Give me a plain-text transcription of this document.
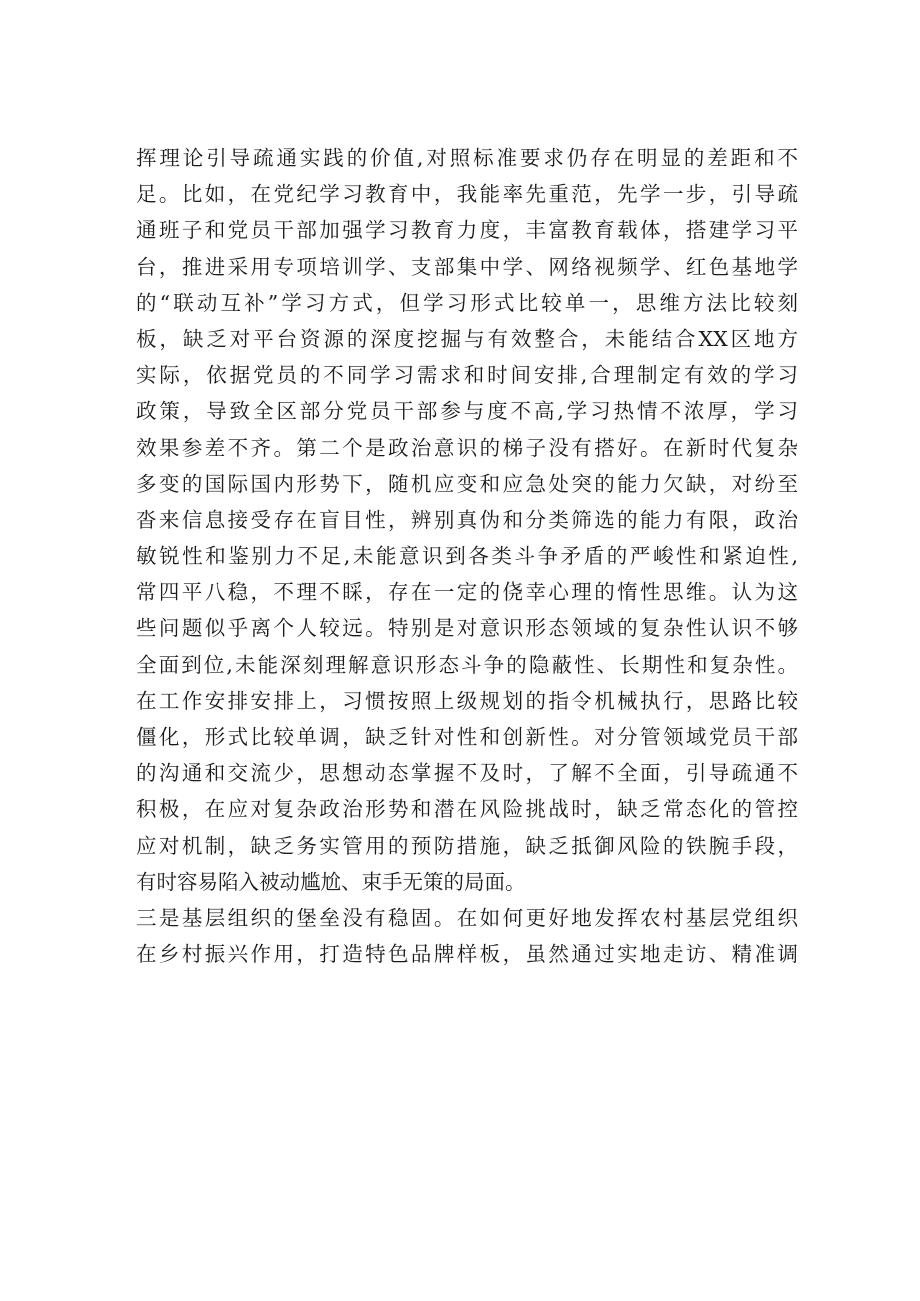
挥理论引导疏通实践的价值,对照标准要求仍存在明显的差距和不
足。比如，在党纪学习教育中，我能率先重范，先学一步，引导疏
通班子和党员干部加强学习教育力度，丰富教育载体，搭建学习平
台，推进采用专项培训学、支部集中学、网络视频学、红色基地学
的“联动互补”学习方式，但学习形式比较单一，思维方法比较刻
板，缺乏对平台资源的深度挖掘与有效整合，未能结合XX区地方
实际，依据党员的不同学习需求和时间安排,合理制定有效的学习
政策，导致全区部分党员干部参与度不高,学习热情不浓厚，学习
效果参差不齐。第二个是政治意识的梯子没有搭好。在新时代复杂
多变的国际国内形势下，随机应变和应急处突的能力欠缺，对纷至
沓来信息接受存在盲目性，辨别真伪和分类筛选的能力有限，政治
敏锐性和鉴别力不足,未能意识到各类斗争矛盾的严峻性和紧迫性,
常四平八稳，不理不睬，存在一定的侥幸心理的惰性思维。认为这
些问题似乎离个人较远。特别是对意识形态领域的复杂性认识不够
全面到位,未能深刻理解意识形态斗争的隐蔽性、长期性和复杂性。
在工作安排安排上，习惯按照上级规划的指令机械执行，思路比较
僵化，形式比较单调，缺乏针对性和创新性。对分管领域党员干部
的沟通和交流少，思想动态掌握不及时，了解不全面，引导疏通不
积极，在应对复杂政治形势和潜在风险挑战时，缺乏常态化的管控
应对机制，缺乏务实管用的预防措施，缺乏抵御风险的铁腕手段，
有时容易陷入被动尴尬、束手无策的局面。
三是基层组织的堡垒没有稳固。在如何更好地发挥农村基层党组织
在乡村振兴作用，打造特色品牌样板，虽然通过实地走访、精准调
